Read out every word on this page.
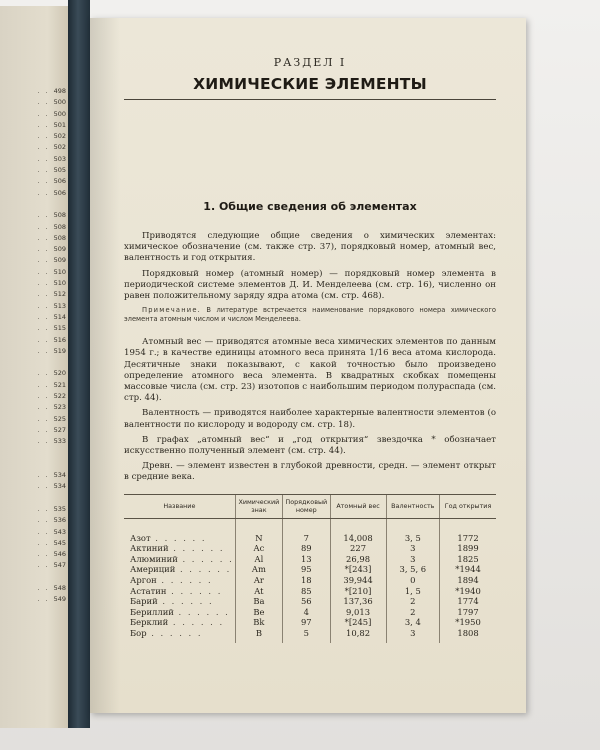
. . 498
. . 500
. . 500
. . 501
. . 502
. . 502
. . 503
. . 505
. . 506
. . 506
. . 508
. . 508
. . 508
. . 509
. . 509
. . 510
. . 510
. . 512
. . 513
. . 514
. . 515
. . 516
. . 519
. . 520
. . 521
. . 522
. . 523
. . 525
. . 527
. . 533
. . 534
. . 534
. . 535
. . 536
. . 543
. . 545
. . 546
. . 547
. . 548
. . 549

РАЗДЕЛ I

ХИМИЧЕСКИЕ ЭЛЕМЕНТЫ

1. Общие сведения об элементах

Приводятся следующие общие сведения о химических элементах: химическое обозначение (см. также стр. 37), порядковый номер, атомный вес, валентность и год открытия.

Порядковый номер (атомный номер) — порядковый номер элемента в периодической системе элементов Д. И. Менделеева (см. стр. 16), численно он равен положительному заряду ядра атома (см. стр. 468).

Примечание. В литературе встречается наименование порядкового номера химического элемента атомным числом и числом Менделеева.

Атомный вес — приводятся атомные веса химических элементов по данным 1954 г.; в качестве единицы атомного веса принята 1/16 веса атома кислорода. Десятичные знаки показывают, с какой точностью было произведено определение атомного веса элемента. В квадратных скобках помещены массовые числа (см. стр. 23) изотопов с наибольшим периодом полураспада (см. стр. 44).

Валентность — приводятся наиболее характерные валентности элементов (о валентности по кислороду и водороду см. стр. 18).

В графах „атомный вес“ и „год открытия“ звездочка * обозначает искусственно полученный элемент (см. стр. 44).

Древн. — элемент известен в глубокой древности, средн. — элемент открыт в средние века.

Название	Химический знак	Порядковый номер	Атомный вес	Валентность	Год открытия

Азот . . . . . .	N	7	14,008	3, 5	1772
Актиний . . . . . .	Ac	89	227	3	1899
Алюминий . . . . . .	Al	13	26,98	3	1825
Америций . . . . . .	Am	95	*[243]	3, 5, 6	*1944
Аргон . . . . . .	Ar	18	39,944	0	1894
Астатин . . . . . .	At	85	*[210]	1, 5	*1940
Барий . . . . . .	Ba	56	137,36	2	1774
Бериллий . . . . . .	Be	4	9,013	2	1797
Берклий . . . . . .	Bk	97	*[245]	3, 4	*1950
Бор . . . . . .	B	5	10,82	3	1808
